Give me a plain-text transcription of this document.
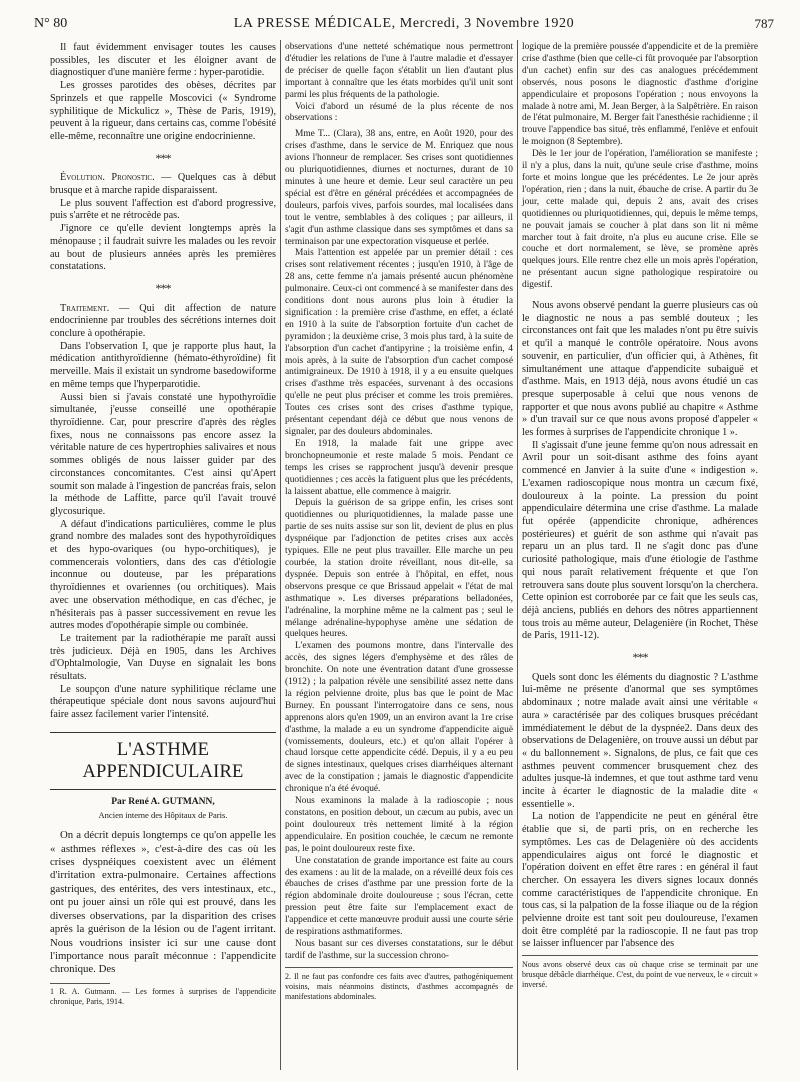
N° 80	LA PRESSE MÉDICALE, Mercredi, 3 Novembre 1920	787

Il faut évidemment envisager toutes les causes possibles, les discuter et les éloigner avant de diagnostiquer d'une manière ferme : hyper-parotidie.

Les grosses parotides des obèses, décrites par Sprinzels et que rappelle Moscovici (« Syndrome syphilitique de Mickulicz », Thèse de Paris, 1919), peuvent à la rigueur, dans certains cas, comme l'obésité elle-même, reconnaître une origine endocrinienne.

***

Évolution. Pronostic. — Quelques cas à début brusque et à marche rapide disparaissent.

Le plus souvent l'affection est d'abord progressive, puis s'arrête et ne rétrocède pas.

J'ignore ce qu'elle devient longtemps après la ménopause ; il faudrait suivre les malades ou les revoir au bout de plusieurs années après les premières constatations.

***

Traitement. — Qui dit affection de nature endocrinienne par troubles des sécrétions internes doit conclure à opothérapie.

Dans l'observation I, que je rapporte plus haut, la médication antithyroïdienne (hémato-éthyroïdine) fit merveille. Mais il existait un syndrome basedowiforme en même temps que l'hyperparotidie.

Aussi bien si j'avais constaté une hypothyroïdie simultanée, j'eusse conseillé une opothérapie thyroïdienne. Car, pour prescrire d'après des règles fixes, nous ne connaissons pas encore assez la véritable nature de ces hypertrophies salivaires et nous sommes obligés de nous laisser guider par des circonstances concomitantes. C'est ainsi qu'Apert soumit son malade à l'ingestion de pancréas frais, selon la méthode de Laffitte, parce qu'il l'avait trouvé glycosurique.

A défaut d'indications particulières, comme le plus grand nombre des malades sont des hypothyroïdiques et des hypo-ovariques (ou hypo-orchitiques), je commencerais volontiers, dans des cas d'étiologie inconnue ou douteuse, par les préparations thyroïdiennes et ovariennes (ou orchitiques). Mais avec une observation méthodique, en cas d'échec, je n'hésiterais pas à passer successivement en revue les autres modes d'opothérapie simple ou combinée.

Le traitement par la radiothérapie me paraît aussi très judicieux. Déjà en 1905, dans les Archives d'Ophtalmologie, Van Duyse en signalait les bons résultats.

Le soupçon d'une nature syphilitique réclame une thérapeutique spéciale dont nous savons aujourd'hui faire assez facilement varier l'intensité.

L'ASTHME APPENDICULAIRE
Par René A. GUTMANN,
Ancien interne des Hôpitaux de Paris.

On a décrit depuis longtemps ce qu'on appelle les « asthmes réflexes », c'est-à-dire des cas où les crises dyspnéiques coexistent avec un élément d'irritation extra-pulmonaire. Certaines affections gastriques, des entérites, des vers intestinaux, etc., ont pu jouer ainsi un rôle qui est prouvé, dans les diverses observations, par la disparition des crises après la guérison de la lésion ou de l'agent irritant. Nous voudrions insister ici sur une cause dont l'importance nous paraît méconnue : l'appendicite chronique. Des

1 R. A. Gutmann. — Les formes à surprises de l'appendicite chronique, Paris, 1914.

observations d'une netteté schématique nous permettront d'étudier les relations de l'une à l'autre maladie et d'essayer de préciser de quelle façon s'établit un lien d'autant plus important à connaître que les états morbides qu'il unit sont parmi les plus fréquents de la pathologie.

Voici d'abord un résumé de la plus récente de nos observations :

Mme T... (Clara), 38 ans, entre, en Août 1920, pour des crises d'asthme, dans le service de M. Enriquez que nous avions l'honneur de remplacer. Ses crises sont quotidiennes ou pluriquotidiennes, diurnes et nocturnes, durant de 10 minutes à une heure et demie. Leur seul caractère un peu spécial est d'être en général précédées et accompagnées de douleurs, parfois vives, parfois sourdes, mal localisées dans tout le ventre, semblables à des coliques ; par ailleurs, il s'agit d'un asthme classique dans ses symptômes et dans sa terminaison par une expectoration visqueuse et perlée.

Mais l'attention est appelée par un premier détail : ces crises sont relativement récentes ; jusqu'en 1910, à l'âge de 28 ans, cette femme n'a jamais présenté aucun phénomène pulmonaire. Ceux-ci ont commencé à se manifester dans des conditions dont nous aurons plus loin à étudier la signification : la première crise d'asthme, en effet, a éclaté en 1910 à la suite de l'absorption fortuite d'un cachet de pyramidon ; la deuxième crise, 3 mois plus tard, à la suite de l'absorption d'un cachet d'antipyrine ; la troisième enfin, 4 mois après, à la suite de l'absorption d'un cachet composé antimigraineux. De 1910 à 1918, il y a eu ensuite quelques crises d'asthme très espacées, survenant à des occasions qu'elle ne peut plus préciser et comme les trois premières. Toutes ces crises sont des crises d'asthme typique, présentant cependant déjà ce début que nous venons de signaler, par des douleurs abdominales.

En 1918, la malade fait une grippe avec bronchopneumonie et reste malade 5 mois. Pendant ce temps les crises se rapprochent jusqu'à devenir presque quotidiennes ; ces accès la fatiguent plus que les précédents, la laissent abattue, elle commence à maigrir.

Depuis la guérison de sa grippe enfin, les crises sont quotidiennes ou pluriquotidiennes, la malade passe une partie de ses nuits assise sur son lit, devient de plus en plus dyspnéique par l'adjonction de petites crises aux accès typiques. Elle ne peut plus travailler. Elle marche un peu courbée, la station droite réveillant, nous dit-elle, sa dyspnée. Depuis son entrée à l'hôpital, en effet, nous observons presque ce que Brissaud appelait « l'état de mal asthmatique ». Les diverses préparations belladonées, l'adrénaline, la morphine même ne la calment pas ; seul le mélange adrénaline-hypophyse amène une sédation de quelques heures.

L'examen des poumons montre, dans l'intervalle des accès, des signes légers d'emphysème et des râles de bronchite. On note une éventration datant d'une grossesse (1912) ; la palpation révèle une sensibilité assez nette dans la région pelvienne droite, plus bas que le point de Mac Burney. En poussant l'interrogatoire dans ce sens, nous apprenons alors qu'en 1909, un an environ avant la 1re crise d'asthme, la malade a eu un syndrome d'appendicite aiguë (vomissements, douleurs, etc.) et qu'on allait l'opérer à chaud lorsque cette appendicite cédé. Depuis, il y a eu peu de signes intestinaux, quelques crises diarrhéiques alternant avec de la constipation ; jamais le diagnostic d'appendicite chronique n'a été évoqué.

Nous examinons la malade à la radioscopie ; nous constatons, en position debout, un cæcum au pubis, avec un point douloureux très nettement limité à la région appendiculaire. En position couchée, le cæcum ne remonte pas, le point douloureux reste fixe.

Une constatation de grande importance est faite au cours des examens : au lit de la malade, on a réveillé deux fois ces ébauches de crises d'asthme par une pression forte de la région abdominale droite douloureuse ; sous l'écran, cette pression peut être faite sur l'emplacement exact de l'appendice et cette manœuvre produit aussi une courte série de respirations asthmatiformes.

Nous basant sur ces diverses constatations, sur le début tardif de l'asthme, sur la succession chrono-

2. Il ne faut pas confondre ces faits avec d'autres, pathogéniquement voisins, mais néanmoins distincts, d'asthmes accompagnés de manifestations abdominales.

logique de la première poussée d'appendicite et de la première crise d'asthme (bien que celle-ci fût provoquée par l'absorption d'un cachet) enfin sur des cas analogues précédemment observés, nous posons le diagnostic d'asthme d'origine appendiculaire et proposons l'opération ; nous envoyons la malade à notre ami, M. Jean Berger, à la Salpêtrière. En raison de l'état pulmonaire, M. Berger fait l'anesthésie rachidienne ; il trouve l'appendice bas situé, très enflammé, l'enlève et enfouit le moignon (8 Septembre).

Dès le 1er jour de l'opération, l'amélioration se manifeste ; il n'y a plus, dans la nuit, qu'une seule crise d'asthme, moins forte et moins longue que les précédentes. Le 2e jour après l'opération, rien ; dans la nuit, ébauche de crise. A partir du 3e jour, cette malade qui, depuis 2 ans, avait des crises quotidiennes ou pluriquotidiennes, qui, depuis le même temps, ne pouvait jamais se coucher à plat dans son lit ni même marcher tout à fait droite, n'a plus eu aucune crise. Elle se couche et dort normalement, se lève, se promène après quelques jours. Elle rentre chez elle un mois après l'opération, ne présentant aucun signe pathologique respiratoire ou digestif.

Nous avons observé pendant la guerre plusieurs cas où le diagnostic ne nous a pas semblé douteux ; les circonstances ont fait que les malades n'ont pu être suivis et qu'il a manqué le contrôle opératoire. Nous avons souvenir, en particulier, d'un officier qui, à Athènes, fit simultanément une attaque d'appendicite subaiguë et d'asthme. Mais, en 1913 déjà, nous avons étudié un cas presque superposable à celui que nous venons de rapporter et que nous avons publié au chapitre « Asthme » d'un travail sur ce que nous avons proposé d'appeler « les formes à surprises de l'appendicite chronique 1 ».

Il s'agissait d'une jeune femme qu'on nous adressait en Avril pour un soit-disant asthme des foins ayant commencé en Janvier à la suite d'une « indigestion ». L'examen radioscopique nous montra un cæcum fixé, douloureux à la pointe. La pression du point appendiculaire détermina une crise d'asthme. La malade fut opérée (appendicite chronique, adhérences postérieures) et guérit de son asthme qui n'avait pas reparu un an plus tard. Il ne s'agit donc pas d'une curiosité pathologique, mais d'une étiologie de l'asthme qui nous paraît relativement fréquente et que l'on retrouvera sans doute plus souvent lorsqu'on la cherchera. Cette opinion est corroborée par ce fait que les seuls cas, déjà anciens, publiés en dehors des nôtres appartiennent tous trois au même auteur, Delagenière (in Rochet, Thèse de Paris, 1911-12).

***

Quels sont donc les éléments du diagnostic ? L'asthme lui-même ne présente d'anormal que ses symptômes abdominaux ; notre malade avait ainsi une véritable « aura » caractérisée par des coliques brusques précédant immédiatement le début de la dyspnée2. Dans deux des observations de Delagenière, on trouve aussi un début par « du ballonnement ». Signalons, de plus, ce fait que ces asthmes peuvent commencer brusquement chez des adultes jusque-là indemnes, et que tout asthme tard venu incite à écarter le diagnostic de la maladie dite « essentielle ».

La notion de l'appendicite ne peut en général être établie que si, de parti pris, on en recherche les symptômes. Les cas de Delagenière où des accidents appendiculaires aigus ont forcé le diagnostic et l'opération doivent en effet être rares : en général il faut chercher. On essayera les divers signes locaux donnés comme caractéristiques de l'appendicite chronique. En tous cas, si la palpation de la fosse iliaque ou de la région pelvienne droite est tant soit peu douloureuse, l'examen doit être complété par la radioscopie. Il ne faut pas trop se laisser influencer par l'absence des

Nous avons observé deux cas où chaque crise se terminait par une brusque débâcle diarrhéique. C'est, du point de vue nerveux, le « circuit » inversé.
